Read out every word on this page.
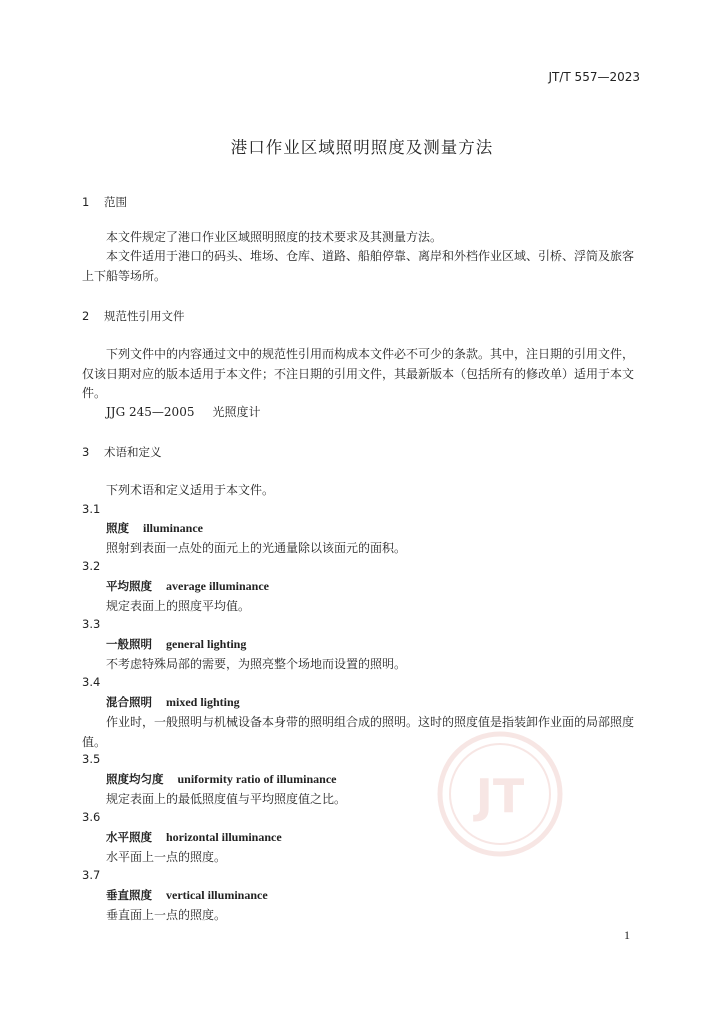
JT/T 557—2023
港口作业区域照明照度及测量方法
1 范围
本文件规定了港口作业区域照明照度的技术要求及其测量方法。
本文件适用于港口的码头、堆场、仓库、道路、船舶停靠、离岸和外档作业区域、引桥、浮筒及旅客上下船等场所。
2 规范性引用文件
下列文件中的内容通过文中的规范性引用而构成本文件必不可少的条款。其中，注日期的引用文件，仅该日期对应的版本适用于本文件；不注日期的引用文件，其最新版本（包括所有的修改单）适用于本文件。
JJG 245—2005 光照度计
3 术语和定义
下列术语和定义适用于本文件。
3.1
照度 illuminance
照射到表面一点处的面元上的光通量除以该面元的面积。
3.2
平均照度 average illuminance
规定表面上的照度平均值。
3.3
一般照明 general lighting
不考虑特殊局部的需要，为照亮整个场地而设置的照明。
3.4
混合照明 mixed lighting
作业时，一般照明与机械设备本身带的照明组合成的照明。这时的照度值是指装卸作业面的局部照度值。
3.5
照度均匀度 uniformity ratio of illuminance
规定表面上的最低照度值与平均照度值之比。
3.6
水平照度 horizontal illuminance
水平面上一点的照度。
3.7
垂直照度 vertical illuminance
垂直面上一点的照度。
JT
1
